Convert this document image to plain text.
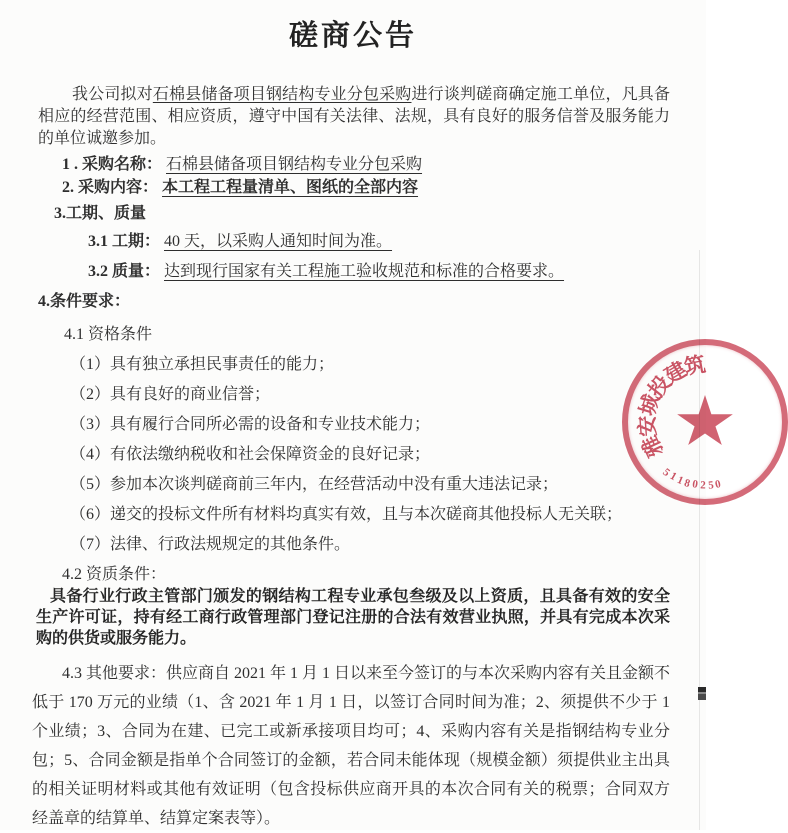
磋商公告
我公司拟对石棉县储备项目钢结构专业分包采购进行谈判磋商确定施工单位，凡具备相应的经营范围、相应资质，遵守中国有关法律、法规，具有良好的服务信誉及服务能力的单位诚邀参加。
1 . 采购名称： 石棉县储备项目钢结构专业分包采购
2. 采购内容： 本工程工程量清单、图纸的全部内容
3.工期、质量
3.1 工期： 40 天，以采购人通知时间为准。
3.2 质量： 达到现行国家有关工程施工验收规范和标准的合格要求。
4.条件要求：
4.1 资格条件
（1）具有独立承担民事责任的能力；
（2）具有良好的商业信誉；
（3）具有履行合同所必需的设备和专业技术能力；
（4）有依法缴纳税收和社会保障资金的良好记录；
（5）参加本次谈判磋商前三年内，在经营活动中没有重大违法记录；
（6）递交的投标文件所有材料均真实有效，且与本次磋商其他投标人无关联；
（7）法律、行政法规规定的其他条件。
4.2 资质条件：
具备行业行政主管部门颁发的钢结构工程专业承包叁级及以上资质，且具备有效的安全生产许可证，持有经工商行政管理部门登记注册的合法有效营业执照，并具有完成本次采购的供货或服务能力。
4.3 其他要求：供应商自 2021 年 1 月 1 日以来至今签订的与本次采购内容有关且金额不低于 170 万元的业绩（1、含 2021 年 1 月 1 日，以签订合同时间为准；2、须提供不少于 1 个业绩；3、合同为在建、已完工或新承接项目均可；4、采购内容有关是指钢结构专业分包；5、合同金额是指单个合同签订的金额，若合同未能体现（规模金额）须提供业主出具的相关证明材料或其他有效证明（包含投标供应商开具的本次合同有关的税票；合同双方经盖章的结算单、结算定案表等）。
雅
安
城
投
建
筑
5
1
1
8 0 2 5 0
